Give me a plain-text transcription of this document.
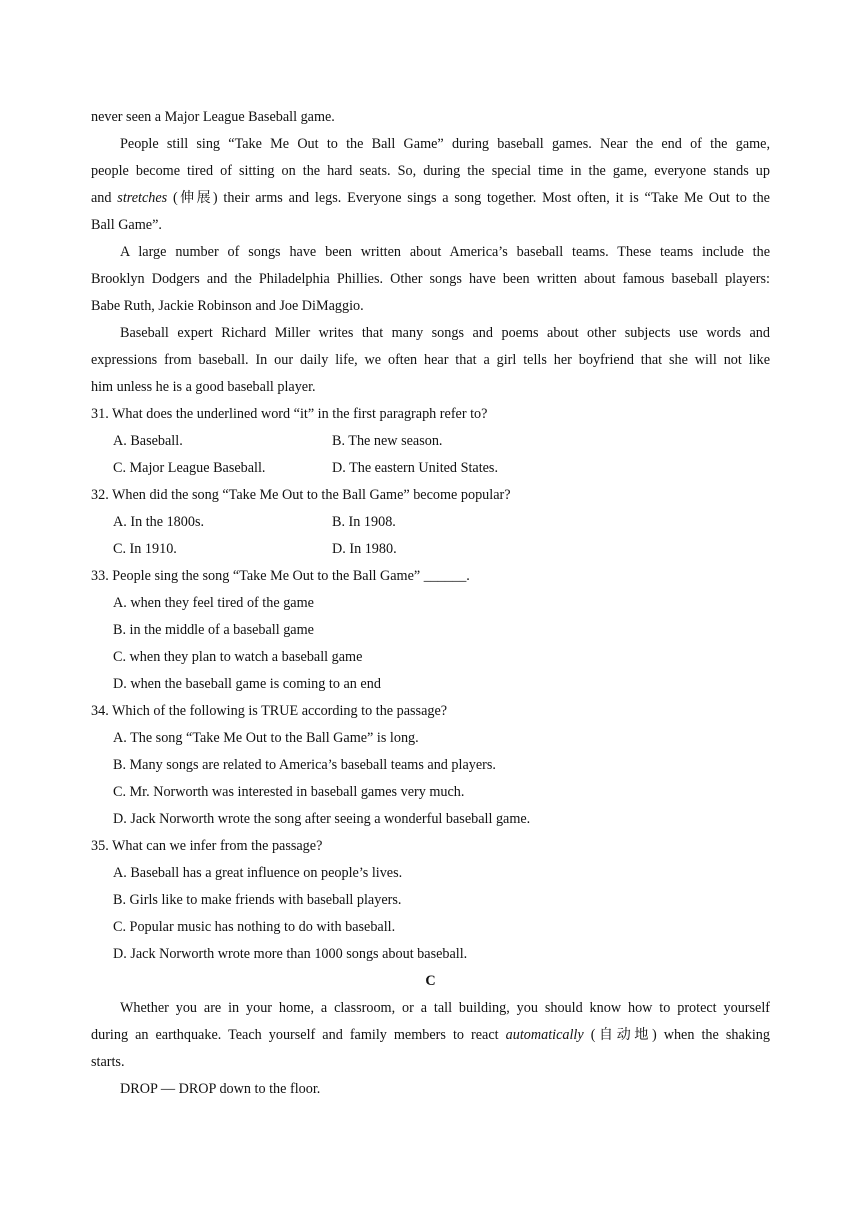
never seen a Major League Baseball game.
People still sing “Take Me Out to the Ball Game” during baseball games. Near the end of the game,
people become tired of sitting on the hard seats. So, during the special time in the game, everyone stands up
and stretches (伸展) their arms and legs. Everyone sings a song together. Most often, it is “Take Me Out to the
Ball Game”.
A large number of songs have been written about America’s baseball teams. These teams include the
Brooklyn Dodgers and the Philadelphia Phillies. Other songs have been written about famous baseball players:
Babe Ruth, Jackie Robinson and Joe DiMaggio.
Baseball expert Richard Miller writes that many songs and poems about other subjects use words and
expressions from baseball. In our daily life, we often hear that a girl tells her boyfriend that she will not like
him unless he is a good baseball player.
31. What does the underlined word “it” in the first paragraph refer to?
A. Baseball.	B. The new season.
C. Major League Baseball.	D. The eastern United States.
32. When did the song “Take Me Out to the Ball Game” become popular?
A. In the 1800s.	B. In 1908.
C. In 1910.	D. In 1980.
33. People sing the song “Take Me Out to the Ball Game” ______.
A. when they feel tired of the game
B. in the middle of a baseball game
C. when they plan to watch a baseball game
D. when the baseball game is coming to an end
34. Which of the following is TRUE according to the passage?
A. The song “Take Me Out to the Ball Game” is long.
B. Many songs are related to America’s baseball teams and players.
C. Mr. Norworth was interested in baseball games very much.
D. Jack Norworth wrote the song after seeing a wonderful baseball game.
35. What can we infer from the passage?
A. Baseball has a great influence on people’s lives.
B. Girls like to make friends with baseball players.
C. Popular music has nothing to do with baseball.
D. Jack Norworth wrote more than 1000 songs about baseball.
C
Whether you are in your home, a classroom, or a tall building, you should know how to protect yourself
during an earthquake. Teach yourself and family members to react automatically (自动地) when the shaking
starts.
DROP — DROP down to the floor.
